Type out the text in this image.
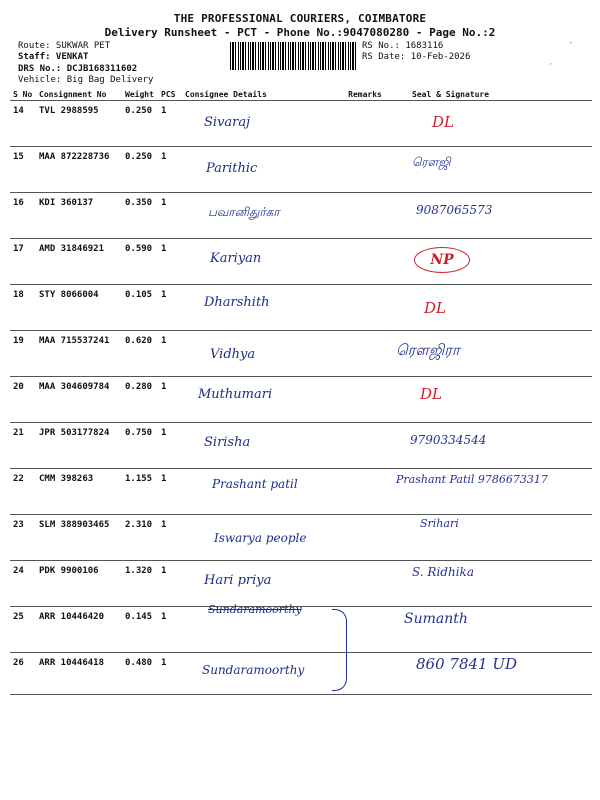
THE PROFESSIONAL COURIERS, COIMBATORE
Delivery Runsheet - PCT - Phone No.:9047080280 - Page No.:2
Route: SUKWAR PET
Staff: VENKAT
DRS No.: DCJB168311602
Vehicle: Big Bag Delivery
RS No.: 1683116
RS Date: 10-Feb-2026
-
·
S No	Consignment No	Weight	PCS	Consignee Details	Remarks	Seal & Signature
14	TVL 2988595	0.250	1	Sivaraj		DL

15	MAA 872228736	0.250	1	Parithic		ரௌஜி

16	KDI 360137	0.350	1	பவானிதுர்கா		9087065573

17	AMD 31846921	0.590	1	Kariyan		NP

18	STY 8066004	0.105	1	Dharshith		DL

19	MAA 715537241	0.620	1	Vidhya		ரௌஜிரா

20	MAA 304609784	0.280	1	Muthumari		DL

21	JPR 503177824	0.750	1	Sirisha		9790334544

22	CMM 398263	1.155	1	Prashant patil		Prashant Patil 9786673317

23	SLM 388903465	2.310	1	Iswarya people		Srihari

24	PDK 9900106	1.320	1	Hari priya		S. Ridhika

25	ARR 10446420	0.145	1	Sundaramoorthy		Sumanth

26	ARR 10446418	0.480	1	Sundaramoorthy		860 7841 UD
